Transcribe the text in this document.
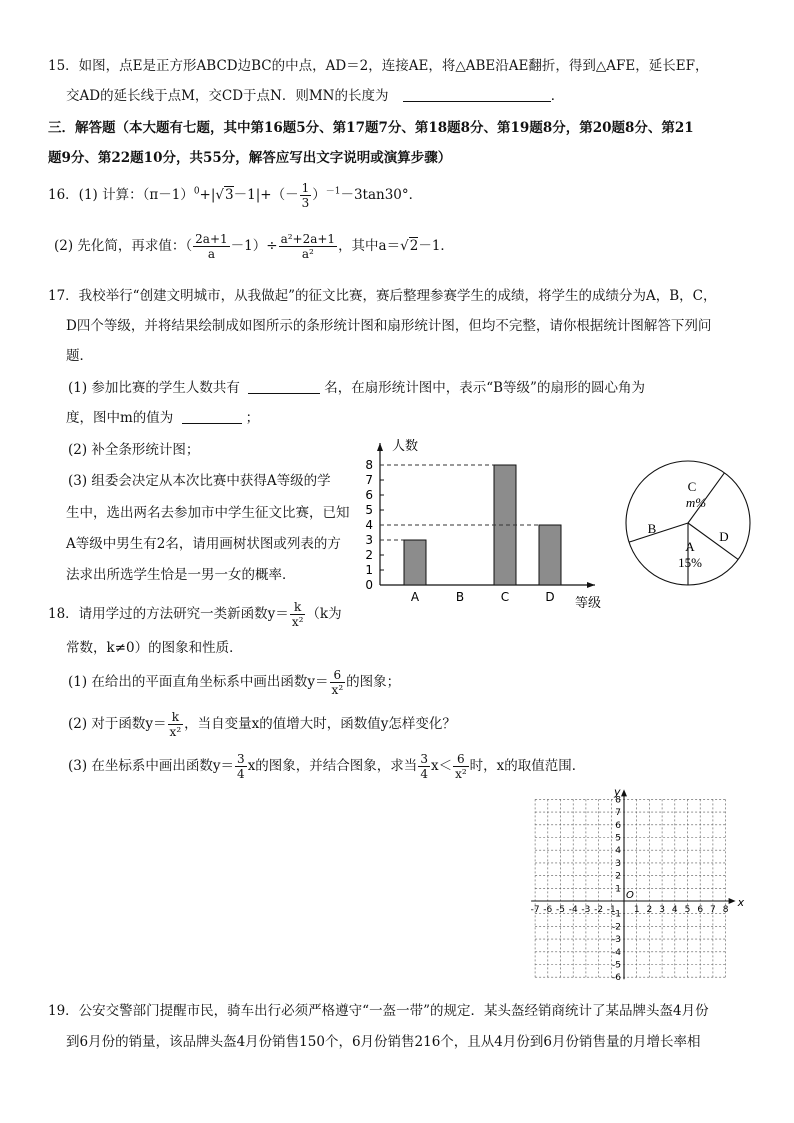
15．如图，点E是正方形ABCD边BC的中点，AD＝2，连接AE，将△ABE沿AE翻折，得到△AFE，延长EF，
交AD的延长线于点M，交CD于点N．则MN的长度为	．
三．解答题（本大题有七题，其中第16题5分、第17题7分、第18题8分、第19题8分，第20题8分、第21
题9分、第22题10分，共55分，解答应写出文字说明或演算步骤）
16．(1) 计算：$(\pi-1)^0+|√3-1|+(- \frac{1}{3} )^{-1}-3\tan 30^\circ$．
(2) 先化简，再求值：（ $\frac{2a+1}{a} -1)\div \frac{\text{a²+2a+1}}{\text{a²}}$ ，其中a＝√2－1．
17．我校举行“创建文明城市，从我做起”的征文比赛，赛后整理参赛学生的成绩，将学生的成绩分为A，B，C，
D四个等级，并将结果绘制成如图所示的条形统计图和扇形统计图，但均不完整，请你根据统计图解答下列问
题．
(1) 参加比赛的学生人数共有	名，在扇形统计图中，表示“B等级”的扇形的圆心角为
度，图中m的值为	；
(2) 补全条形统计图；
(3) 组委会决定从本次比赛中获得A等级的学
生中，选出两名去参加市中学生征文比赛，已知
A等级中男生有2名，请用画树状图或列表的方
法求出所选学生恰是一男一女的概率．
0
1
2
3
4
5
6
7
8
人数
等级
A	B	C	D
C
m%
B
D
A
15%
18．请用学过的方法研究一类新函数$y= \frac{k}{\text{x²}} (k$为
常数，k≠0）的图象和性质．
(1) 在给出的平面直角坐标系中画出函数$y= \frac{6}{\text{x²}}$ 的图象；
(2) 对于函数$y= \frac{k}{\text{x²}}$ ，当自变量x的值增大时，函数值y怎样变化？
(3) 在坐标系中画出函数$y= \frac{3}{4}$ x的图象，并结合图象，求当 $\frac{3}{4} x< \frac{6}{\text{x²}}$ 时，x的取值范围．
x
y
O
-7 -6 -5 -4 -3 -2 -1 1 2 3 4 5 6 7 8
8
7
6
5
4
3
2
1
-1
-2
-3
-4
-5
-6
19．公安交警部门提醒市民，骑车出行必须严格遵守“一盔一带”的规定．某头盔经销商统计了某品牌头盔4月份
到6月份的销量，该品牌头盔4月份销售150个，6月份销售216个，且从4月份到6月份销售量的月增长率相
